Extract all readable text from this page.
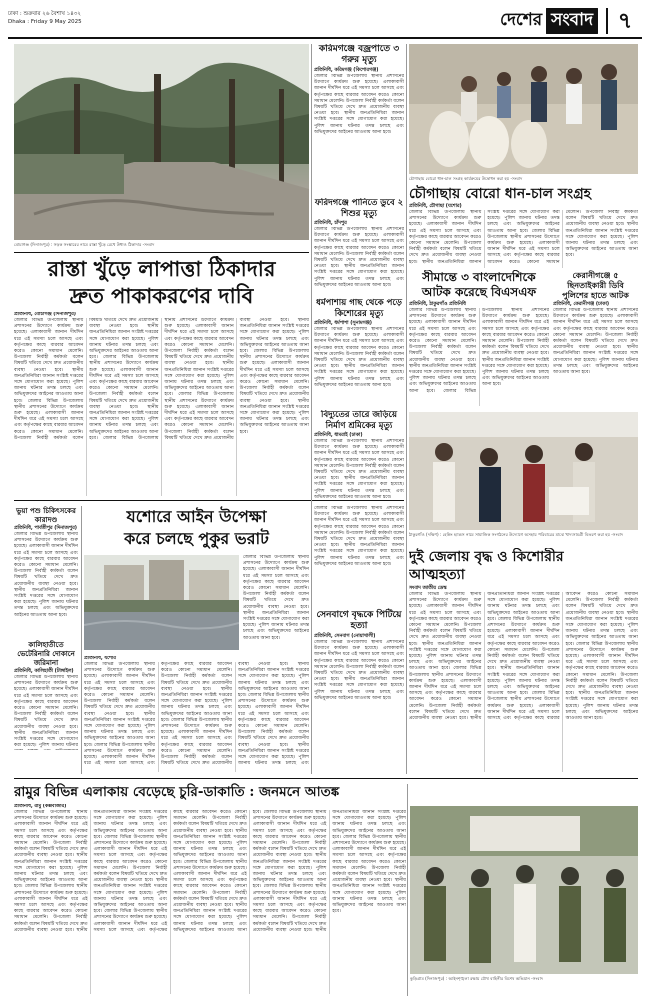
ঢাকা : শুক্রবার ২৬ বৈশাখ ১৪৩২
Dhaka : Friday 9 May 2025	দেশের সংবাদ	৭
বোচাগঞ্জ (দিনাজপুর) : সড়ক সংস্কারের নামে রাস্তা খুঁড়ে রেখে উধাও ঠিকাদার -সংবাদ
করিমগঞ্জে বজ্রপাতে ৩ গরুর মৃত্যু
প্রতিনিধি, করিমগঞ্জ (কিশোরগঞ্জ)
জেলার বিভিন্ন উপজেলায় স্থানীয় প্রশাসনের উদ্যোগে কার্যক্রম শুরু হয়েছে। এলাকাবাসী জানান দীর্ঘদিন ধরে এই সমস্যা চলে আসছে এবং কর্তৃপক্ষের কাছে বারবার আবেদন করেও কোনো সমাধান মেলেনি। উপজেলা নির্বাহী কর্মকর্তা বলেন বিষয়টি খতিয়ে দেখে দ্রুত প্রয়োজনীয় ব্যবস্থা নেওয়া হবে। স্থানীয় জনপ্রতিনিধিরা জানান সংশ্লিষ্ট দপ্তরের সঙ্গে যোগাযোগ করা হয়েছে। পুলিশ জানায় ঘটনার তদন্ত চলছে এবং অভিযুক্তদের আইনের আওতায় আনা হবে।
ফরিদগঞ্জে পানিতে ডুবে ২ শিশুর মৃত্যু
প্রতিনিধি, চাঁদপুর
জেলার বিভিন্ন উপজেলায় স্থানীয় প্রশাসনের উদ্যোগে কার্যক্রম শুরু হয়েছে। এলাকাবাসী জানান দীর্ঘদিন ধরে এই সমস্যা চলে আসছে এবং কর্তৃপক্ষের কাছে বারবার আবেদন করেও কোনো সমাধান মেলেনি। উপজেলা নির্বাহী কর্মকর্তা বলেন বিষয়টি খতিয়ে দেখে দ্রুত প্রয়োজনীয় ব্যবস্থা নেওয়া হবে। স্থানীয় জনপ্রতিনিধিরা জানান সংশ্লিষ্ট দপ্তরের সঙ্গে যোগাযোগ করা হয়েছে। পুলিশ জানায় ঘটনার তদন্ত চলছে এবং অভিযুক্তদের আইনের আওতায় আনা হবে।
চৌগাছায় বোরো ধান-চাল সংগ্রহ কার্যক্রমের উদ্বোধন করা হয় -সংবাদ
চৌগাছায় বোরো ধান-চাল সংগ্রহ
প্রতিনিধি, চৌগাছা (যশোর)
জেলার বিভিন্ন উপজেলায় স্থানীয় প্রশাসনের উদ্যোগে কার্যক্রম শুরু হয়েছে। এলাকাবাসী জানান দীর্ঘদিন ধরে এই সমস্যা চলে আসছে এবং কর্তৃপক্ষের কাছে বারবার আবেদন করেও কোনো সমাধান মেলেনি। উপজেলা নির্বাহী কর্মকর্তা বলেন বিষয়টি খতিয়ে দেখে দ্রুত প্রয়োজনীয় ব্যবস্থা নেওয়া হবে। স্থানীয় জনপ্রতিনিধিরা জানান সংশ্লিষ্ট দপ্তরের সঙ্গে যোগাযোগ করা হয়েছে। পুলিশ জানায় ঘটনার তদন্ত চলছে এবং অভিযুক্তদের আইনের আওতায় আনা হবে। জেলার বিভিন্ন উপজেলায় স্থানীয় প্রশাসনের উদ্যোগে কার্যক্রম শুরু হয়েছে। এলাকাবাসী জানান দীর্ঘদিন ধরে এই সমস্যা চলে আসছে এবং কর্তৃপক্ষের কাছে বারবার আবেদন করেও কোনো সমাধান মেলেনি। উপজেলা নির্বাহী কর্মকর্তা বলেন বিষয়টি খতিয়ে দেখে দ্রুত প্রয়োজনীয় ব্যবস্থা নেওয়া হবে। স্থানীয় জনপ্রতিনিধিরা জানান সংশ্লিষ্ট দপ্তরের সঙ্গে যোগাযোগ করা হয়েছে। পুলিশ জানায় ঘটনার তদন্ত চলছে এবং অভিযুক্তদের আইনের আওতায় আনা হবে।
রাস্তা খুঁড়ে লাপাত্তা ঠিকাদার
দ্রুত পাকাকরণের দাবি
প্রতিনিধি, বোচাগঞ্জ (দিনাজপুর)
জেলার বিভিন্ন উপজেলায় স্থানীয় প্রশাসনের উদ্যোগে কার্যক্রম শুরু হয়েছে। এলাকাবাসী জানান দীর্ঘদিন ধরে এই সমস্যা চলে আসছে এবং কর্তৃপক্ষের কাছে বারবার আবেদন করেও কোনো সমাধান মেলেনি। উপজেলা নির্বাহী কর্মকর্তা বলেন বিষয়টি খতিয়ে দেখে দ্রুত প্রয়োজনীয় ব্যবস্থা নেওয়া হবে। স্থানীয় জনপ্রতিনিধিরা জানান সংশ্লিষ্ট দপ্তরের সঙ্গে যোগাযোগ করা হয়েছে। পুলিশ জানায় ঘটনার তদন্ত চলছে এবং অভিযুক্তদের আইনের আওতায় আনা হবে। জেলার বিভিন্ন উপজেলায় স্থানীয় প্রশাসনের উদ্যোগে কার্যক্রম শুরু হয়েছে। এলাকাবাসী জানান দীর্ঘদিন ধরে এই সমস্যা চলে আসছে এবং কর্তৃপক্ষের কাছে বারবার আবেদন করেও কোনো সমাধান মেলেনি। উপজেলা নির্বাহী কর্মকর্তা বলেন বিষয়টি খতিয়ে দেখে দ্রুত প্রয়োজনীয় ব্যবস্থা নেওয়া হবে। স্থানীয় জনপ্রতিনিধিরা জানান সংশ্লিষ্ট দপ্তরের সঙ্গে যোগাযোগ করা হয়েছে। পুলিশ জানায় ঘটনার তদন্ত চলছে এবং অভিযুক্তদের আইনের আওতায় আনা হবে। জেলার বিভিন্ন উপজেলায় স্থানীয় প্রশাসনের উদ্যোগে কার্যক্রম শুরু হয়েছে। এলাকাবাসী জানান দীর্ঘদিন ধরে এই সমস্যা চলে আসছে এবং কর্তৃপক্ষের কাছে বারবার আবেদন করেও কোনো সমাধান মেলেনি। উপজেলা নির্বাহী কর্মকর্তা বলেন বিষয়টি খতিয়ে দেখে দ্রুত প্রয়োজনীয় ব্যবস্থা নেওয়া হবে। স্থানীয় জনপ্রতিনিধিরা জানান সংশ্লিষ্ট দপ্তরের সঙ্গে যোগাযোগ করা হয়েছে। পুলিশ জানায় ঘটনার তদন্ত চলছে এবং অভিযুক্তদের আইনের আওতায় আনা হবে। জেলার বিভিন্ন উপজেলায় স্থানীয় প্রশাসনের উদ্যোগে কার্যক্রম শুরু হয়েছে। এলাকাবাসী জানান দীর্ঘদিন ধরে এই সমস্যা চলে আসছে এবং কর্তৃপক্ষের কাছে বারবার আবেদন করেও কোনো সমাধান মেলেনি। উপজেলা নির্বাহী কর্মকর্তা বলেন বিষয়টি খতিয়ে দেখে দ্রুত প্রয়োজনীয় ব্যবস্থা নেওয়া হবে। স্থানীয় জনপ্রতিনিধিরা জানান সংশ্লিষ্ট দপ্তরের সঙ্গে যোগাযোগ করা হয়েছে। পুলিশ জানায় ঘটনার তদন্ত চলছে এবং অভিযুক্তদের আইনের আওতায় আনা হবে। জেলার বিভিন্ন উপজেলায় স্থানীয় প্রশাসনের উদ্যোগে কার্যক্রম শুরু হয়েছে। এলাকাবাসী জানান দীর্ঘদিন ধরে এই সমস্যা চলে আসছে এবং কর্তৃপক্ষের কাছে বারবার আবেদন করেও কোনো সমাধান মেলেনি। উপজেলা নির্বাহী কর্মকর্তা বলেন বিষয়টি খতিয়ে দেখে দ্রুত প্রয়োজনীয় ব্যবস্থা নেওয়া হবে। স্থানীয় জনপ্রতিনিধিরা জানান সংশ্লিষ্ট দপ্তরের সঙ্গে যোগাযোগ করা হয়েছে। পুলিশ জানায় ঘটনার তদন্ত চলছে এবং অভিযুক্তদের আইনের আওতায় আনা হবে। জেলার বিভিন্ন উপজেলায় স্থানীয় প্রশাসনের উদ্যোগে কার্যক্রম শুরু হয়েছে। এলাকাবাসী জানান দীর্ঘদিন ধরে এই সমস্যা চলে আসছে এবং কর্তৃপক্ষের কাছে বারবার আবেদন করেও কোনো সমাধান মেলেনি। উপজেলা নির্বাহী কর্মকর্তা বলেন বিষয়টি খতিয়ে দেখে দ্রুত প্রয়োজনীয় ব্যবস্থা নেওয়া হবে। স্থানীয় জনপ্রতিনিধিরা জানান সংশ্লিষ্ট দপ্তরের সঙ্গে যোগাযোগ করা হয়েছে। পুলিশ জানায় ঘটনার তদন্ত চলছে এবং অভিযুক্তদের আইনের আওতায় আনা হবে।
ধর্মপাশায় গাছ থেকে পড়ে কিশোরের মৃত্যু
প্রতিনিধি, ধর্মপাশা (সুনামগঞ্জ)
জেলার বিভিন্ন উপজেলায় স্থানীয় প্রশাসনের উদ্যোগে কার্যক্রম শুরু হয়েছে। এলাকাবাসী জানান দীর্ঘদিন ধরে এই সমস্যা চলে আসছে এবং কর্তৃপক্ষের কাছে বারবার আবেদন করেও কোনো সমাধান মেলেনি। উপজেলা নির্বাহী কর্মকর্তা বলেন বিষয়টি খতিয়ে দেখে দ্রুত প্রয়োজনীয় ব্যবস্থা নেওয়া হবে। স্থানীয় জনপ্রতিনিধিরা জানান সংশ্লিষ্ট দপ্তরের সঙ্গে যোগাযোগ করা হয়েছে। পুলিশ জানায় ঘটনার তদন্ত চলছে এবং অভিযুক্তদের আইনের আওতায় আনা হবে।
বিদ্যুতের তারে জড়িয়ে নির্মাণ শ্রমিকের মৃত্যু
প্রতিনিধি, ধামরাই (ঢাকা)
জেলার বিভিন্ন উপজেলায় স্থানীয় প্রশাসনের উদ্যোগে কার্যক্রম শুরু হয়েছে। এলাকাবাসী জানান দীর্ঘদিন ধরে এই সমস্যা চলে আসছে এবং কর্তৃপক্ষের কাছে বারবার আবেদন করেও কোনো সমাধান মেলেনি। উপজেলা নির্বাহী কর্মকর্তা বলেন বিষয়টি খতিয়ে দেখে দ্রুত প্রয়োজনীয় ব্যবস্থা নেওয়া হবে। স্থানীয় জনপ্রতিনিধিরা জানান সংশ্লিষ্ট দপ্তরের সঙ্গে যোগাযোগ করা হয়েছে। পুলিশ জানায় ঘটনার তদন্ত চলছে এবং অভিযুক্তদের আইনের আওতায় আনা হবে।
সীমান্তে ৩ বাংলাদেশিকে
আটক করেছে বিএসএফ
প্রতিনিধি, ঠাকুরগাঁও প্রতিনিধি
জেলার বিভিন্ন উপজেলায় স্থানীয় প্রশাসনের উদ্যোগে কার্যক্রম শুরু হয়েছে। এলাকাবাসী জানান দীর্ঘদিন ধরে এই সমস্যা চলে আসছে এবং কর্তৃপক্ষের কাছে বারবার আবেদন করেও কোনো সমাধান মেলেনি। উপজেলা নির্বাহী কর্মকর্তা বলেন বিষয়টি খতিয়ে দেখে দ্রুত প্রয়োজনীয় ব্যবস্থা নেওয়া হবে। স্থানীয় জনপ্রতিনিধিরা জানান সংশ্লিষ্ট দপ্তরের সঙ্গে যোগাযোগ করা হয়েছে। পুলিশ জানায় ঘটনার তদন্ত চলছে এবং অভিযুক্তদের আইনের আওতায় আনা হবে। জেলার বিভিন্ন উপজেলায় স্থানীয় প্রশাসনের উদ্যোগে কার্যক্রম শুরু হয়েছে। এলাকাবাসী জানান দীর্ঘদিন ধরে এই সমস্যা চলে আসছে এবং কর্তৃপক্ষের কাছে বারবার আবেদন করেও কোনো সমাধান মেলেনি। উপজেলা নির্বাহী কর্মকর্তা বলেন বিষয়টি খতিয়ে দেখে দ্রুত প্রয়োজনীয় ব্যবস্থা নেওয়া হবে। স্থানীয় জনপ্রতিনিধিরা জানান সংশ্লিষ্ট দপ্তরের সঙ্গে যোগাযোগ করা হয়েছে। পুলিশ জানায় ঘটনার তদন্ত চলছে এবং অভিযুক্তদের আইনের আওতায় আনা হবে।
কেরানীগঞ্জে ৫ ছিনতাইকারী ডিবি পুলিশের হাতে আটক
প্রতিনিধি, কেরানীগঞ্জ (ঢাকা)
জেলার বিভিন্ন উপজেলায় স্থানীয় প্রশাসনের উদ্যোগে কার্যক্রম শুরু হয়েছে। এলাকাবাসী জানান দীর্ঘদিন ধরে এই সমস্যা চলে আসছে এবং কর্তৃপক্ষের কাছে বারবার আবেদন করেও কোনো সমাধান মেলেনি। উপজেলা নির্বাহী কর্মকর্তা বলেন বিষয়টি খতিয়ে দেখে দ্রুত প্রয়োজনীয় ব্যবস্থা নেওয়া হবে। স্থানীয় জনপ্রতিনিধিরা জানান সংশ্লিষ্ট দপ্তরের সঙ্গে যোগাযোগ করা হয়েছে। পুলিশ জানায় ঘটনার তদন্ত চলছে এবং অভিযুক্তদের আইনের আওতায় আনা হবে।
ঠাকুরগাঁও (দক্ষিণ) : হেল্পিং হ্যান্ডস নামে সামাজিক সংগঠনের উদ্যোগে অসহায় পরিবারের মাঝে খাদ্যসামগ্রী বিতরণ করা হয় -সংবাদ
ভুয়া পশু চিকিৎসকের কারাদণ্ড
প্রতিনিধি, পার্বতীপুর (দিনাজপুর)
জেলার বিভিন্ন উপজেলায় স্থানীয় প্রশাসনের উদ্যোগে কার্যক্রম শুরু হয়েছে। এলাকাবাসী জানান দীর্ঘদিন ধরে এই সমস্যা চলে আসছে এবং কর্তৃপক্ষের কাছে বারবার আবেদন করেও কোনো সমাধান মেলেনি। উপজেলা নির্বাহী কর্মকর্তা বলেন বিষয়টি খতিয়ে দেখে দ্রুত প্রয়োজনীয় ব্যবস্থা নেওয়া হবে। স্থানীয় জনপ্রতিনিধিরা জানান সংশ্লিষ্ট দপ্তরের সঙ্গে যোগাযোগ করা হয়েছে। পুলিশ জানায় ঘটনার তদন্ত চলছে এবং অভিযুক্তদের আইনের আওতায় আনা হবে।
কালিহাতীতে ভেটেরিনারি দোকানে জরিমানা
প্রতিনিধি, কালিহাতী (টাঙ্গাইল)
জেলার বিভিন্ন উপজেলায় স্থানীয় প্রশাসনের উদ্যোগে কার্যক্রম শুরু হয়েছে। এলাকাবাসী জানান দীর্ঘদিন ধরে এই সমস্যা চলে আসছে এবং কর্তৃপক্ষের কাছে বারবার আবেদন করেও কোনো সমাধান মেলেনি। উপজেলা নির্বাহী কর্মকর্তা বলেন বিষয়টি খতিয়ে দেখে দ্রুত প্রয়োজনীয় ব্যবস্থা নেওয়া হবে। স্থানীয় জনপ্রতিনিধিরা জানান সংশ্লিষ্ট দপ্তরের সঙ্গে যোগাযোগ করা হয়েছে। পুলিশ জানায় ঘটনার
যশোরে আইন উপেক্ষা
করে চলছে পুকুর ভরাট
জেলার বিভিন্ন উপজেলায় স্থানীয় প্রশাসনের উদ্যোগে কার্যক্রম শুরু হয়েছে। এলাকাবাসী জানান দীর্ঘদিন ধরে এই সমস্যা চলে আসছে এবং কর্তৃপক্ষের কাছে বারবার আবেদন করেও কোনো সমাধান মেলেনি। উপজেলা নির্বাহী কর্মকর্তা বলেন বিষয়টি খতিয়ে দেখে দ্রুত প্রয়োজনীয় ব্যবস্থা নেওয়া হবে। স্থানীয় জনপ্রতিনিধিরা জানান সংশ্লিষ্ট দপ্তরের সঙ্গে যোগাযোগ করা হয়েছে। পুলিশ জানায় ঘটনার তদন্ত চলছে এবং অভিযুক্তদের আইনের আওতায় আনা হবে।
প্রতিনিধি, যশোর
জেলার বিভিন্ন উপজেলায় স্থানীয় প্রশাসনের উদ্যোগে কার্যক্রম শুরু হয়েছে। এলাকাবাসী জানান দীর্ঘদিন ধরে এই সমস্যা চলে আসছে এবং কর্তৃপক্ষের কাছে বারবার আবেদন করেও কোনো সমাধান মেলেনি। উপজেলা নির্বাহী কর্মকর্তা বলেন বিষয়টি খতিয়ে দেখে দ্রুত প্রয়োজনীয় ব্যবস্থা নেওয়া হবে। স্থানীয় জনপ্রতিনিধিরা জানান সংশ্লিষ্ট দপ্তরের সঙ্গে যোগাযোগ করা হয়েছে। পুলিশ জানায় ঘটনার তদন্ত চলছে এবং অভিযুক্তদের আইনের আওতায় আনা হবে। জেলার বিভিন্ন উপজেলায় স্থানীয় প্রশাসনের উদ্যোগে কার্যক্রম শুরু হয়েছে। এলাকাবাসী জানান দীর্ঘদিন ধরে এই সমস্যা চলে আসছে এবং কর্তৃপক্ষের কাছে বারবার আবেদন করেও কোনো সমাধান মেলেনি। উপজেলা নির্বাহী কর্মকর্তা বলেন বিষয়টি খতিয়ে দেখে দ্রুত প্রয়োজনীয় ব্যবস্থা নেওয়া হবে। স্থানীয় জনপ্রতিনিধিরা জানান সংশ্লিষ্ট দপ্তরের সঙ্গে যোগাযোগ করা হয়েছে। পুলিশ জানায় ঘটনার তদন্ত চলছে এবং অভিযুক্তদের আইনের আওতায় আনা হবে। জেলার বিভিন্ন উপজেলায় স্থানীয় প্রশাসনের উদ্যোগে কার্যক্রম শুরু হয়েছে। এলাকাবাসী জানান দীর্ঘদিন ধরে এই সমস্যা চলে আসছে এবং কর্তৃপক্ষের কাছে বারবার আবেদন করেও কোনো সমাধান মেলেনি। উপজেলা নির্বাহী কর্মকর্তা বলেন বিষয়টি খতিয়ে দেখে দ্রুত প্রয়োজনীয় ব্যবস্থা নেওয়া হবে। স্থানীয় জনপ্রতিনিধিরা জানান সংশ্লিষ্ট দপ্তরের সঙ্গে যোগাযোগ করা হয়েছে। পুলিশ জানায় ঘটনার তদন্ত চলছে এবং অভিযুক্তদের আইনের আওতায় আনা হবে। জেলার বিভিন্ন উপজেলায় স্থানীয় প্রশাসনের উদ্যোগে কার্যক্রম শুরু হয়েছে। এলাকাবাসী জানান দীর্ঘদিন ধরে এই সমস্যা চলে আসছে এবং কর্তৃপক্ষের কাছে বারবার আবেদন করেও কোনো সমাধান মেলেনি। উপজেলা নির্বাহী কর্মকর্তা বলেন বিষয়টি খতিয়ে দেখে দ্রুত প্রয়োজনীয় ব্যবস্থা নেওয়া হবে। স্থানীয় জনপ্রতিনিধিরা জানান সংশ্লিষ্ট দপ্তরের সঙ্গে যোগাযোগ করা হয়েছে। পুলিশ জানায় ঘটনার তদন্ত চলছে এবং
জেলার বিভিন্ন উপজেলায় স্থানীয় প্রশাসনের উদ্যোগে কার্যক্রম শুরু হয়েছে। এলাকাবাসী জানান দীর্ঘদিন ধরে এই সমস্যা চলে আসছে এবং কর্তৃপক্ষের কাছে বারবার আবেদন করেও কোনো সমাধান মেলেনি। উপজেলা নির্বাহী কর্মকর্তা বলেন বিষয়টি খতিয়ে দেখে দ্রুত প্রয়োজনীয় ব্যবস্থা নেওয়া হবে। স্থানীয় জনপ্রতিনিধিরা জানান সংশ্লিষ্ট দপ্তরের সঙ্গে যোগাযোগ করা হয়েছে। পুলিশ জানায় ঘটনার তদন্ত চলছে এবং অভিযুক্তদের আইনের আওতায় আনা হবে।
সেনবাগে বৃদ্ধকে পিটিয়ে হত্যা
প্রতিনিধি, সেনবাগ (নোয়াখালী)
জেলার বিভিন্ন উপজেলায় স্থানীয় প্রশাসনের উদ্যোগে কার্যক্রম শুরু হয়েছে। এলাকাবাসী জানান দীর্ঘদিন ধরে এই সমস্যা চলে আসছে এবং কর্তৃপক্ষের কাছে বারবার আবেদন করেও কোনো সমাধান মেলেনি। উপজেলা নির্বাহী কর্মকর্তা বলেন বিষয়টি খতিয়ে দেখে দ্রুত প্রয়োজনীয় ব্যবস্থা নেওয়া হবে। স্থানীয় জনপ্রতিনিধিরা জানান সংশ্লিষ্ট দপ্তরের সঙ্গে যোগাযোগ করা হয়েছে। পুলিশ জানায় ঘটনার তদন্ত চলছে এবং অভিযুক্তদের আইনের আওতায় আনা হবে।
দুই জেলায় বৃদ্ধ ও কিশোরীর
আত্মহত্যা
সংবাদ জাতীয় ডেস্ক
জেলার বিভিন্ন উপজেলায় স্থানীয় প্রশাসনের উদ্যোগে কার্যক্রম শুরু হয়েছে। এলাকাবাসী জানান দীর্ঘদিন ধরে এই সমস্যা চলে আসছে এবং কর্তৃপক্ষের কাছে বারবার আবেদন করেও কোনো সমাধান মেলেনি। উপজেলা নির্বাহী কর্মকর্তা বলেন বিষয়টি খতিয়ে দেখে দ্রুত প্রয়োজনীয় ব্যবস্থা নেওয়া হবে। স্থানীয় জনপ্রতিনিধিরা জানান সংশ্লিষ্ট দপ্তরের সঙ্গে যোগাযোগ করা হয়েছে। পুলিশ জানায় ঘটনার তদন্ত চলছে এবং অভিযুক্তদের আইনের আওতায় আনা হবে। জেলার বিভিন্ন উপজেলায় স্থানীয় প্রশাসনের উদ্যোগে কার্যক্রম শুরু হয়েছে। এলাকাবাসী জানান দীর্ঘদিন ধরে এই সমস্যা চলে আসছে এবং কর্তৃপক্ষের কাছে বারবার আবেদন করেও কোনো সমাধান মেলেনি। উপজেলা নির্বাহী কর্মকর্তা বলেন বিষয়টি খতিয়ে দেখে দ্রুত প্রয়োজনীয় ব্যবস্থা নেওয়া হবে। স্থানীয় জনপ্রতিনিধিরা জানান সংশ্লিষ্ট দপ্তরের সঙ্গে যোগাযোগ করা হয়েছে। পুলিশ জানায় ঘটনার তদন্ত চলছে এবং অভিযুক্তদের আইনের আওতায় আনা হবে। জেলার বিভিন্ন উপজেলায় স্থানীয় প্রশাসনের উদ্যোগে কার্যক্রম শুরু হয়েছে। এলাকাবাসী জানান দীর্ঘদিন ধরে এই সমস্যা চলে আসছে এবং কর্তৃপক্ষের কাছে বারবার আবেদন করেও কোনো সমাধান মেলেনি। উপজেলা নির্বাহী কর্মকর্তা বলেন বিষয়টি খতিয়ে দেখে দ্রুত প্রয়োজনীয় ব্যবস্থা নেওয়া হবে। স্থানীয় জনপ্রতিনিধিরা জানান সংশ্লিষ্ট দপ্তরের সঙ্গে যোগাযোগ করা হয়েছে। পুলিশ জানায় ঘটনার তদন্ত চলছে এবং অভিযুক্তদের আইনের আওতায় আনা হবে। জেলার বিভিন্ন উপজেলায় স্থানীয় প্রশাসনের উদ্যোগে কার্যক্রম শুরু হয়েছে। এলাকাবাসী জানান দীর্ঘদিন ধরে এই সমস্যা চলে আসছে এবং কর্তৃপক্ষের কাছে বারবার আবেদন করেও কোনো সমাধান মেলেনি। উপজেলা নির্বাহী কর্মকর্তা বলেন বিষয়টি খতিয়ে দেখে দ্রুত প্রয়োজনীয় ব্যবস্থা নেওয়া হবে। স্থানীয় জনপ্রতিনিধিরা জানান সংশ্লিষ্ট দপ্তরের সঙ্গে যোগাযোগ করা হয়েছে। পুলিশ জানায় ঘটনার তদন্ত চলছে এবং অভিযুক্তদের আইনের আওতায় আনা হবে। জেলার বিভিন্ন উপজেলায় স্থানীয় প্রশাসনের উদ্যোগে কার্যক্রম শুরু হয়েছে। এলাকাবাসী জানান দীর্ঘদিন ধরে এই সমস্যা চলে আসছে এবং কর্তৃপক্ষের কাছে বারবার আবেদন করেও কোনো সমাধান মেলেনি। উপজেলা নির্বাহী কর্মকর্তা বলেন বিষয়টি খতিয়ে দেখে দ্রুত প্রয়োজনীয় ব্যবস্থা নেওয়া হবে। স্থানীয় জনপ্রতিনিধিরা জানান সংশ্লিষ্ট দপ্তরের সঙ্গে যোগাযোগ করা হয়েছে। পুলিশ জানায় ঘটনার তদন্ত চলছে এবং অভিযুক্তদের আইনের আওতায় আনা হবে।
রামুর বিভিন্ন এলাকায় বেড়েছে চুরি-ডাকাতি : জনমনে আতঙ্ক
প্রতিনিধি, রামু (কক্সবাজার)
জেলার বিভিন্ন উপজেলায় স্থানীয় প্রশাসনের উদ্যোগে কার্যক্রম শুরু হয়েছে। এলাকাবাসী জানান দীর্ঘদিন ধরে এই সমস্যা চলে আসছে এবং কর্তৃপক্ষের কাছে বারবার আবেদন করেও কোনো সমাধান মেলেনি। উপজেলা নির্বাহী কর্মকর্তা বলেন বিষয়টি খতিয়ে দেখে দ্রুত প্রয়োজনীয় ব্যবস্থা নেওয়া হবে। স্থানীয় জনপ্রতিনিধিরা জানান সংশ্লিষ্ট দপ্তরের সঙ্গে যোগাযোগ করা হয়েছে। পুলিশ জানায় ঘটনার তদন্ত চলছে এবং অভিযুক্তদের আইনের আওতায় আনা হবে। জেলার বিভিন্ন উপজেলায় স্থানীয় প্রশাসনের উদ্যোগে কার্যক্রম শুরু হয়েছে। এলাকাবাসী জানান দীর্ঘদিন ধরে এই সমস্যা চলে আসছে এবং কর্তৃপক্ষের কাছে বারবার আবেদন করেও কোনো সমাধান মেলেনি। উপজেলা নির্বাহী কর্মকর্তা বলেন বিষয়টি খতিয়ে দেখে দ্রুত প্রয়োজনীয় ব্যবস্থা নেওয়া হবে। স্থানীয় জনপ্রতিনিধিরা জানান সংশ্লিষ্ট দপ্তরের সঙ্গে যোগাযোগ করা হয়েছে। পুলিশ জানায় ঘটনার তদন্ত চলছে এবং অভিযুক্তদের আইনের আওতায় আনা হবে। জেলার বিভিন্ন উপজেলায় স্থানীয় প্রশাসনের উদ্যোগে কার্যক্রম শুরু হয়েছে। এলাকাবাসী জানান দীর্ঘদিন ধরে এই সমস্যা চলে আসছে এবং কর্তৃপক্ষের কাছে বারবার আবেদন করেও কোনো সমাধান মেলেনি। উপজেলা নির্বাহী কর্মকর্তা বলেন বিষয়টি খতিয়ে দেখে দ্রুত প্রয়োজনীয় ব্যবস্থা নেওয়া হবে। স্থানীয় জনপ্রতিনিধিরা জানান সংশ্লিষ্ট দপ্তরের সঙ্গে যোগাযোগ করা হয়েছে। পুলিশ জানায় ঘটনার তদন্ত চলছে এবং অভিযুক্তদের আইনের আওতায় আনা হবে। জেলার বিভিন্ন উপজেলায় স্থানীয় প্রশাসনের উদ্যোগে কার্যক্রম শুরু হয়েছে। এলাকাবাসী জানান দীর্ঘদিন ধরে এই সমস্যা চলে আসছে এবং কর্তৃপক্ষের কাছে বারবার আবেদন করেও কোনো সমাধান মেলেনি। উপজেলা নির্বাহী কর্মকর্তা বলেন বিষয়টি খতিয়ে দেখে দ্রুত প্রয়োজনীয় ব্যবস্থা নেওয়া হবে। স্থানীয় জনপ্রতিনিধিরা জানান সংশ্লিষ্ট দপ্তরের সঙ্গে যোগাযোগ করা হয়েছে। পুলিশ জানায় ঘটনার তদন্ত চলছে এবং অভিযুক্তদের আইনের আওতায় আনা হবে। জেলার বিভিন্ন উপজেলায় স্থানীয় প্রশাসনের উদ্যোগে কার্যক্রম শুরু হয়েছে। এলাকাবাসী জানান দীর্ঘদিন ধরে এই সমস্যা চলে আসছে এবং কর্তৃপক্ষের কাছে বারবার আবেদন করেও কোনো সমাধান মেলেনি। উপজেলা নির্বাহী কর্মকর্তা বলেন বিষয়টি খতিয়ে দেখে দ্রুত প্রয়োজনীয় ব্যবস্থা নেওয়া হবে। স্থানীয় জনপ্রতিনিধিরা জানান সংশ্লিষ্ট দপ্তরের সঙ্গে যোগাযোগ করা হয়েছে। পুলিশ জানায় ঘটনার তদন্ত চলছে এবং অভিযুক্তদের আইনের আওতায় আনা হবে। জেলার বিভিন্ন উপজেলায় স্থানীয় প্রশাসনের উদ্যোগে কার্যক্রম শুরু হয়েছে। এলাকাবাসী জানান দীর্ঘদিন ধরে এই সমস্যা চলে আসছে এবং কর্তৃপক্ষের কাছে বারবার আবেদন করেও কোনো সমাধান মেলেনি। উপজেলা নির্বাহী কর্মকর্তা বলেন বিষয়টি খতিয়ে দেখে দ্রুত প্রয়োজনীয় ব্যবস্থা নেওয়া হবে। স্থানীয় জনপ্রতিনিধিরা জানান সংশ্লিষ্ট দপ্তরের সঙ্গে যোগাযোগ করা হয়েছে। পুলিশ জানায় ঘটনার তদন্ত চলছে এবং অভিযুক্তদের আইনের আওতায় আনা হবে। জেলার বিভিন্ন উপজেলায় স্থানীয় প্রশাসনের উদ্যোগে কার্যক্রম শুরু হয়েছে। এলাকাবাসী জানান দীর্ঘদিন ধরে এই সমস্যা চলে আসছে এবং কর্তৃপক্ষের কাছে বারবার আবেদন করেও কোনো সমাধান মেলেনি। উপজেলা নির্বাহী কর্মকর্তা বলেন বিষয়টি খতিয়ে দেখে দ্রুত প্রয়োজনীয় ব্যবস্থা নেওয়া হবে। স্থানীয় জনপ্রতিনিধিরা জানান সংশ্লিষ্ট দপ্তরের সঙ্গে যোগাযোগ করা হয়েছে। পুলিশ জানায় ঘটনার তদন্ত চলছে এবং অভিযুক্তদের আইনের আওতায় আনা হবে। জেলার বিভিন্ন উপজেলায় স্থানীয় প্রশাসনের উদ্যোগে কার্যক্রম শুরু হয়েছে। এলাকাবাসী জানান দীর্ঘদিন ধরে এই সমস্যা চলে আসছে এবং কর্তৃপক্ষের কাছে বারবার আবেদন করেও কোনো সমাধান মেলেনি। উপজেলা নির্বাহী কর্মকর্তা বলেন বিষয়টি খতিয়ে দেখে দ্রুত প্রয়োজনীয় ব্যবস্থা নেওয়া হবে। স্থানীয় জনপ্রতিনিধিরা জানান সংশ্লিষ্ট দপ্তরের সঙ্গে যোগাযোগ করা হয়েছে। পুলিশ জানায় ঘটনার তদন্ত চলছে এবং অভিযুক্তদের আইনের আওতায় আনা হবে।
কুড়িগ্রাম (দিনাজপুর) : আইনশৃঙ্খলা রক্ষায় যৌথ বাহিনীর বিশেষ অভিযান -সংবাদ
